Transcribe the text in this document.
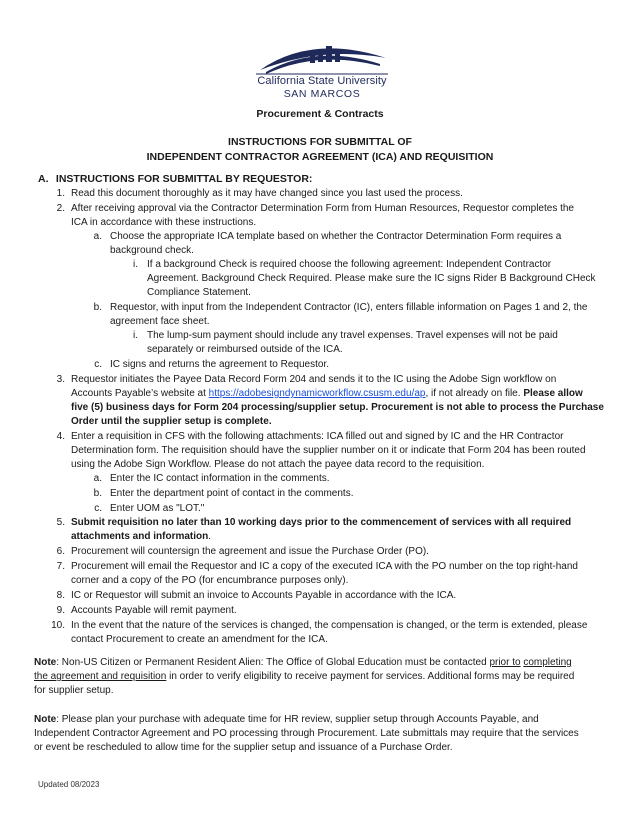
California State University
SAN MARCOS
Procurement & Contracts
INSTRUCTIONS FOR SUBMITTAL OF
INDEPENDENT CONTRACTOR AGREEMENT (ICA) AND REQUISITION
A. INSTRUCTIONS FOR SUBMITTAL BY REQUESTOR:
1. Read this document thoroughly as it may have changed since you last used the process.
2. After receiving approval via the Contractor Determination Form from Human Resources, Requestor completes the
ICA in accordance with these instructions.
a. Choose the appropriate ICA template based on whether the Contractor Determination Form requires a
background check.
i. If a background Check is required choose the following agreement: Independent Contractor
Agreement. Background Check Required. Please make sure the IC signs Rider B Background CHeck
Compliance Statement.
b. Requestor, with input from the Independent Contractor (IC), enters fillable information on Pages 1 and 2, the
agreement face sheet.
i. The lump-sum payment should include any travel expenses. Travel expenses will not be paid
separately or reimbursed outside of the ICA.
c. IC signs and returns the agreement to Requestor.
3. Requestor initiates the Payee Data Record Form 204 and sends it to the IC using the Adobe Sign workflow on
Accounts Payable’s website at https://adobesigndynamicworkflow.csusm.edu/ap, if not already on file. Please allow
five (5) business days for Form 204 processing/supplier setup. Procurement is not able to process the Purchase
Order until the supplier setup is complete.
4. Enter a requisition in CFS with the following attachments: ICA filled out and signed by IC and the HR Contractor
Determination form. The requisition should have the supplier number on it or indicate that Form 204 has been routed
using the Adobe Sign Workflow. Please do not attach the payee data record to the requisition.
a. Enter the IC contact information in the comments.
b. Enter the department point of contact in the comments.
c. Enter UOM as "LOT."
5. Submit requisition no later than 10 working days prior to the commencement of services with all required
attachments and information.
6. Procurement will countersign the agreement and issue the Purchase Order (PO).
7. Procurement will email the Requestor and IC a copy of the executed ICA with the PO number on the top right-hand
corner and a copy of the PO (for encumbrance purposes only).
8. IC or Requestor will submit an invoice to Accounts Payable in accordance with the ICA.
9. Accounts Payable will remit payment.
10. In the event that the nature of the services is changed, the compensation is changed, or the term is extended, please
contact Procurement to create an amendment for the ICA.
Note: Non-US Citizen or Permanent Resident Alien: The Office of Global Education must be contacted prior to completing
the agreement and requisition in order to verify eligibility to receive payment for services. Additional forms may be required
for supplier setup.
Note: Please plan your purchase with adequate time for HR review, supplier setup through Accounts Payable, and
Independent Contractor Agreement and PO processing through Procurement. Late submittals may require that the services
or event be rescheduled to allow time for the supplier setup and issuance of a Purchase Order.
Updated 08/2023
